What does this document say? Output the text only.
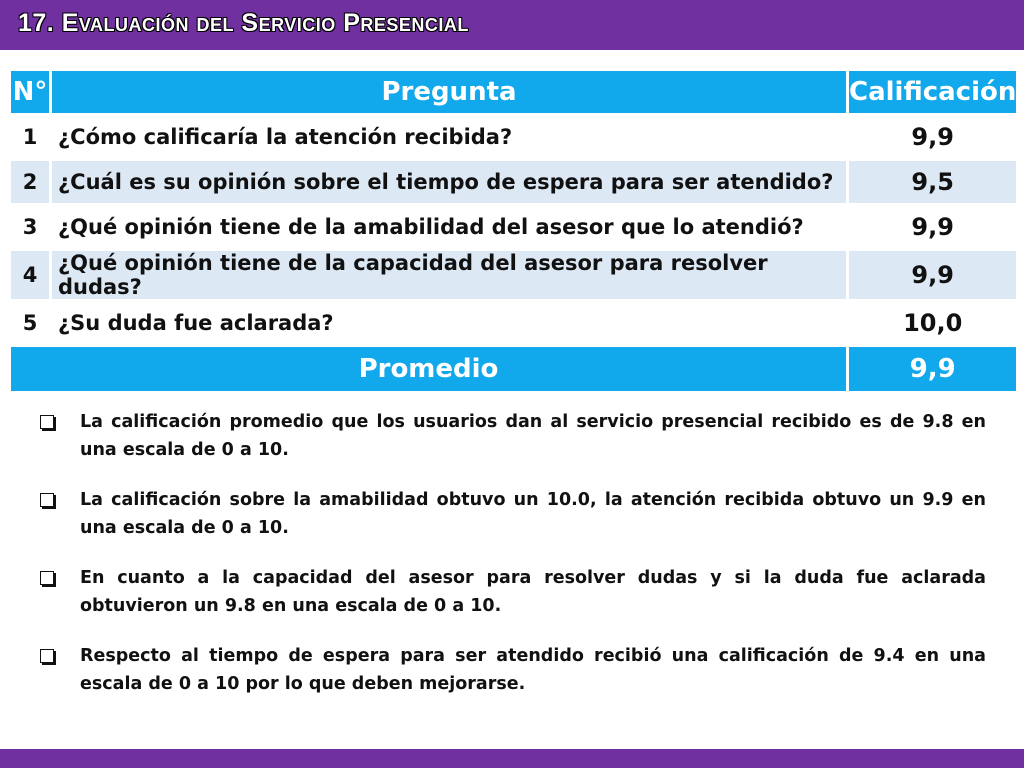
17. Evaluación del Servicio Presencial
N°	Pregunta	Calificación
1	¿Cómo calificaría la atención recibida?	9,9
2	¿Cuál es su opinión sobre el tiempo de espera para ser atendido?	9,5
3	¿Qué opinión tiene de la amabilidad del asesor que lo atendió?	9,9
4	¿Qué opinión tiene de la capacidad del asesor para resolver dudas?	9,9
5	¿Su duda fue aclarada?	10,0
Promedio		9,9
La calificación promedio que los usuarios dan al servicio presencial recibido es de 9.8 en una escala de 0 a 10.
La calificación sobre la amabilidad obtuvo un 10.0, la atención recibida obtuvo un 9.9 en una escala de 0 a 10.
En cuanto a la capacidad del asesor para resolver dudas y si la duda fue aclarada obtuvieron un 9.8 en una escala de 0 a 10.
Respecto al tiempo de espera para ser atendido recibió una calificación de 9.4 en una escala de 0 a 10 por lo que deben mejorarse.
